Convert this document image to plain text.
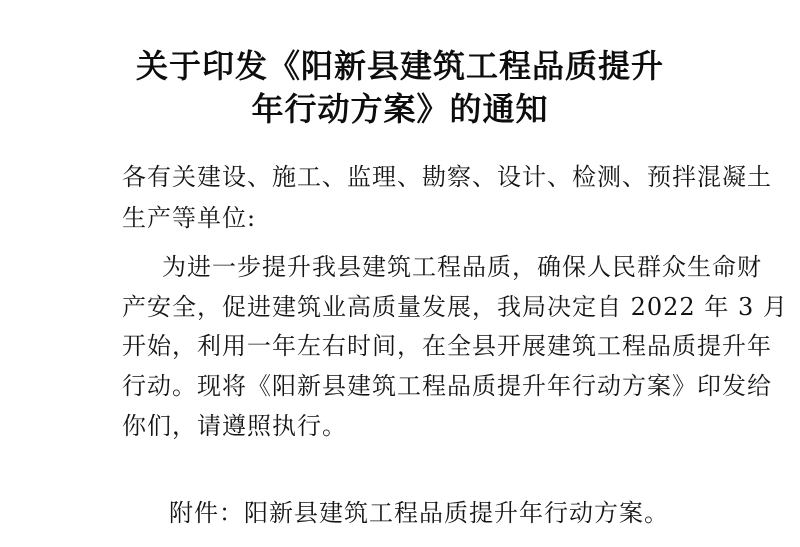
关于印发《阳新县建筑工程品质提升
年行动方案》的通知
各有关建设、施工、监理、勘察、设计、检测、预拌混凝土
生产等单位:
为进一步提升我县建筑工程品质，确保人民群众生命财
产安全，促进建筑业高质量发展，我局决定自 2022 年 3 月
开始，利用一年左右时间，在全县开展建筑工程品质提升年
行动。现将《阳新县建筑工程品质提升年行动方案》印发给
你们，请遵照执行。
附件：阳新县建筑工程品质提升年行动方案。
